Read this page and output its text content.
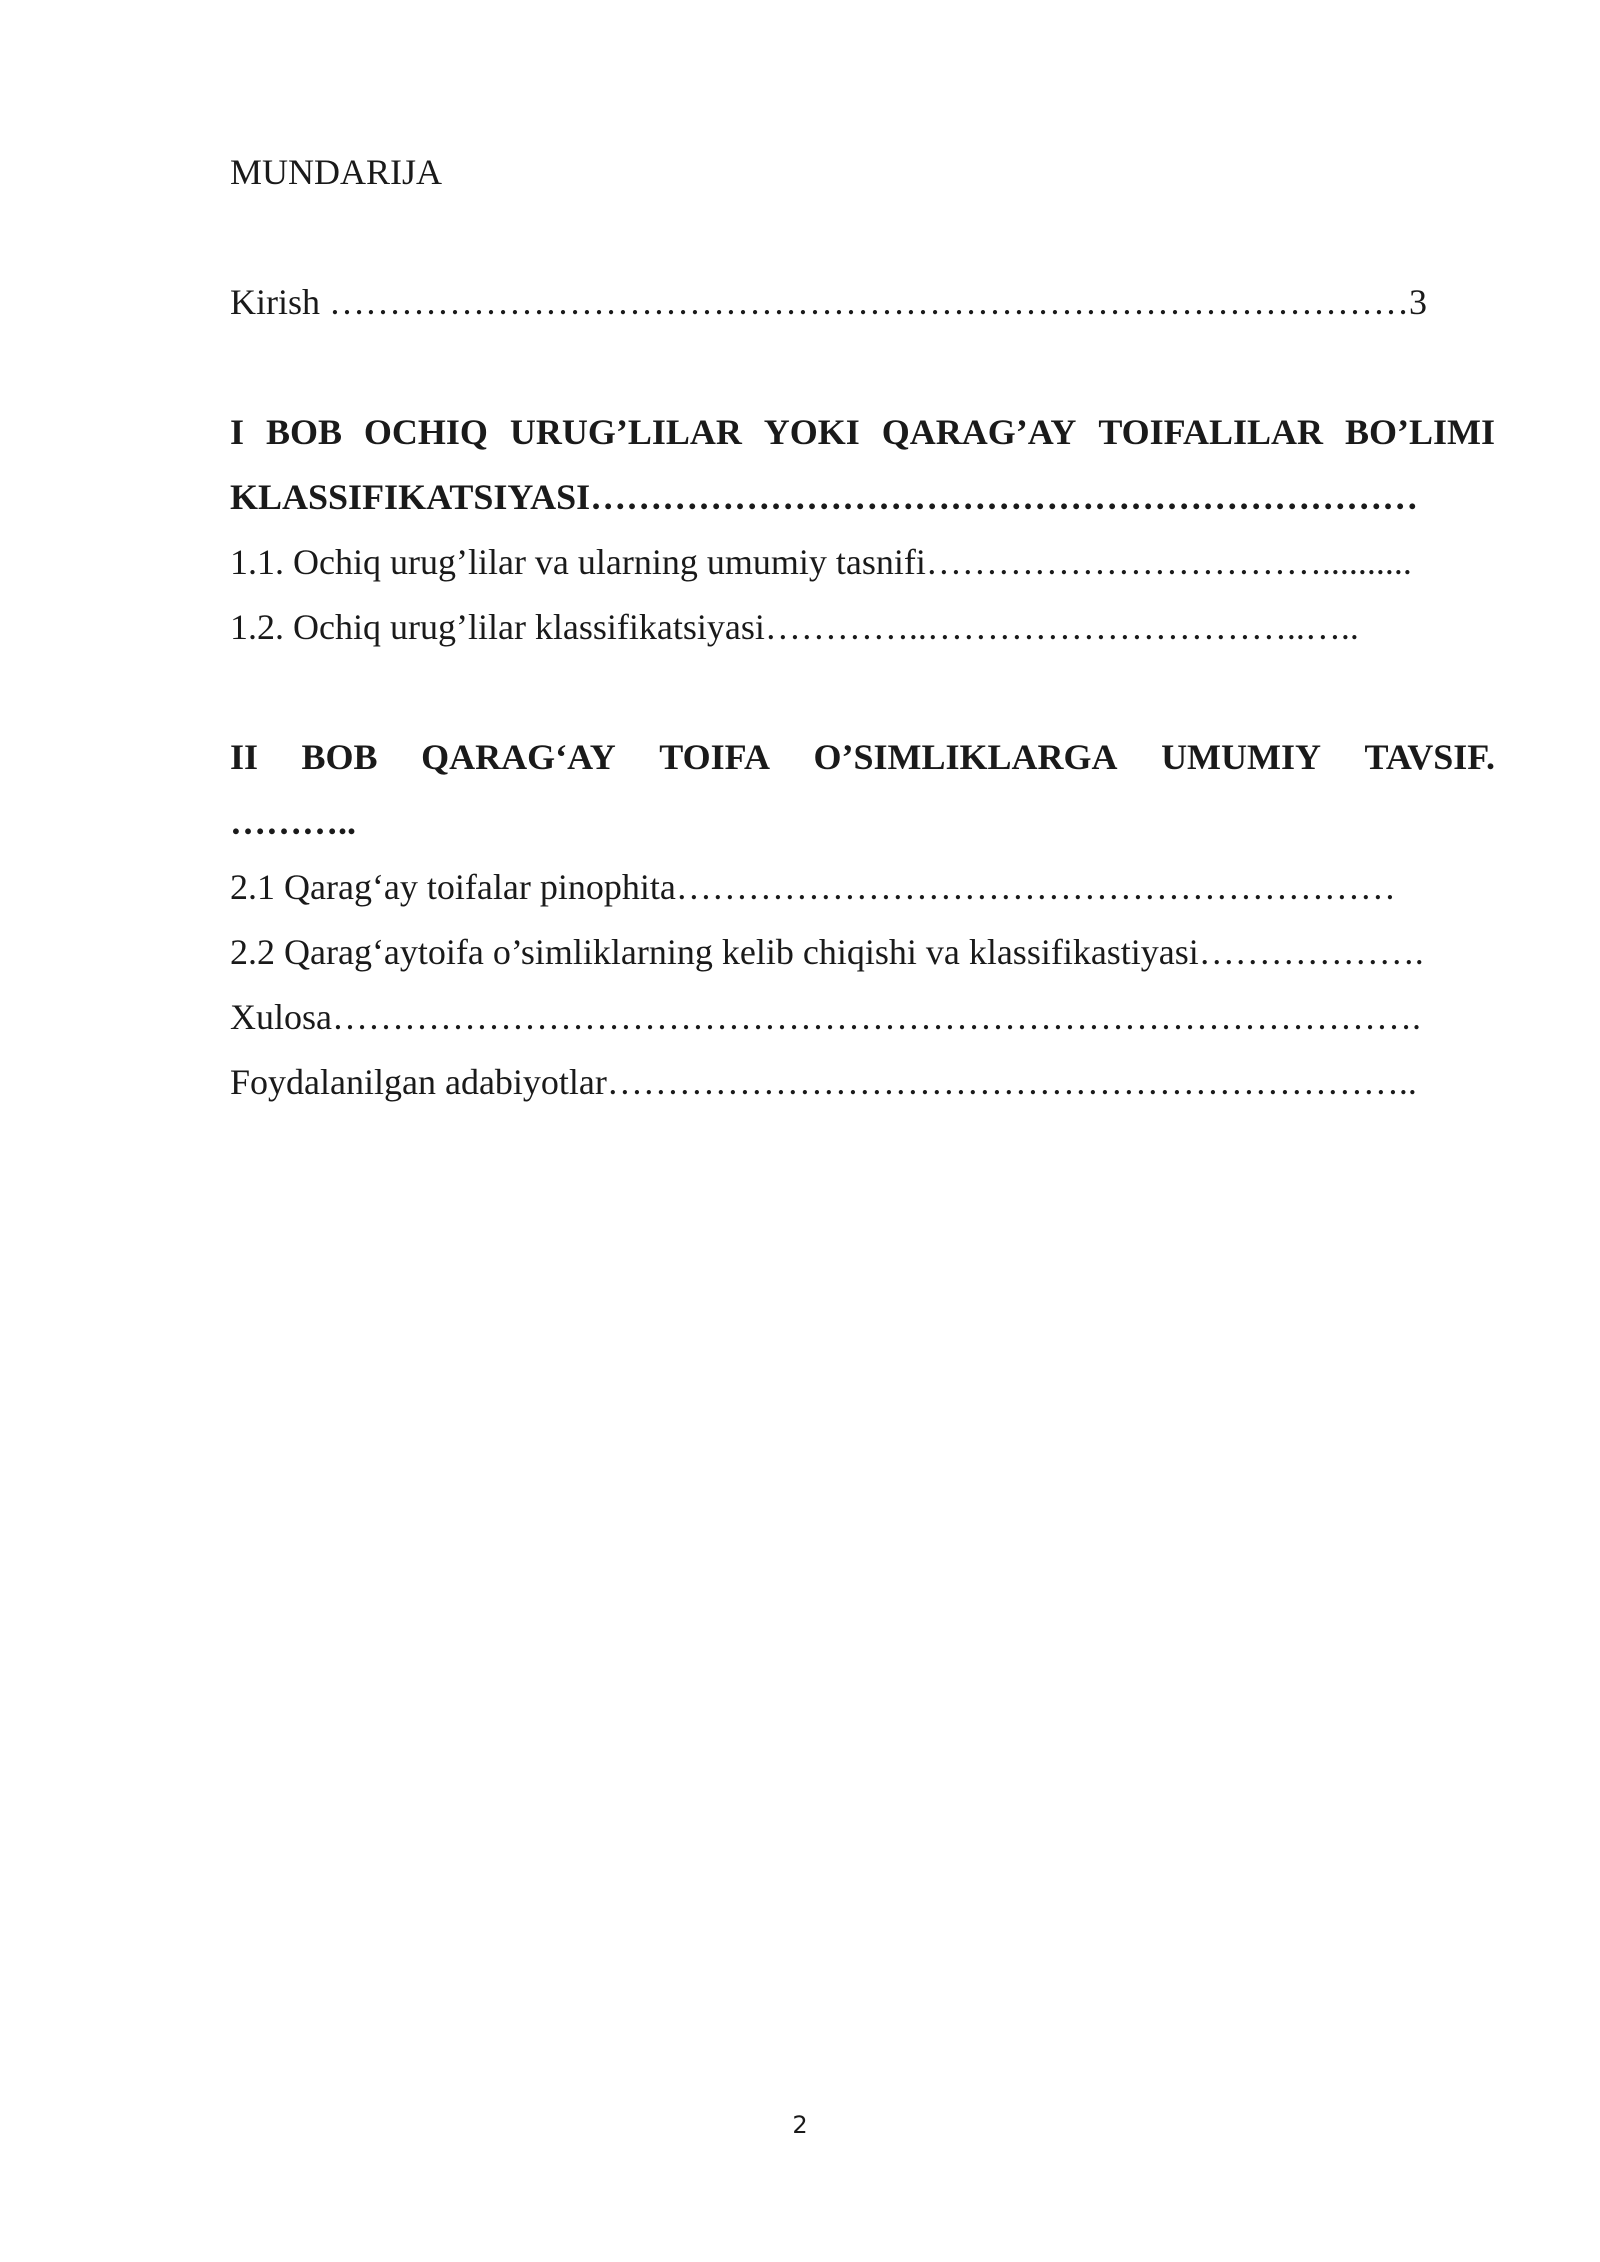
MUNDARIJA
Kirish ………………………………………………………………………………3
I BOB OCHIQ URUG’LILAR YOKI QARAG’AY TOIFALILAR BO’LIMI
KLASSIFIKATSIYASI……………………………………………………………
1.1. Ochiq urug’lilar va ularning umumiy tasnifi……………………………..........
1.2. Ochiq urug’lilar klassifikatsiyasi…………..…………………………..…..
II BOB QARAG‘AY TOIFA O’SIMLIKLARGA UMUMIY TAVSIF.
………..
2.1 Qarag‘ay toifalar pinophita……………………………………………………
2.2 Qarag‘aytoifa o’simliklarning kelib chiqishi va klassifikastiyasi……………….
Xulosa……………………………………………………………………………….
Foydalanilgan adabiyotlar…………………………………………………………..
2
